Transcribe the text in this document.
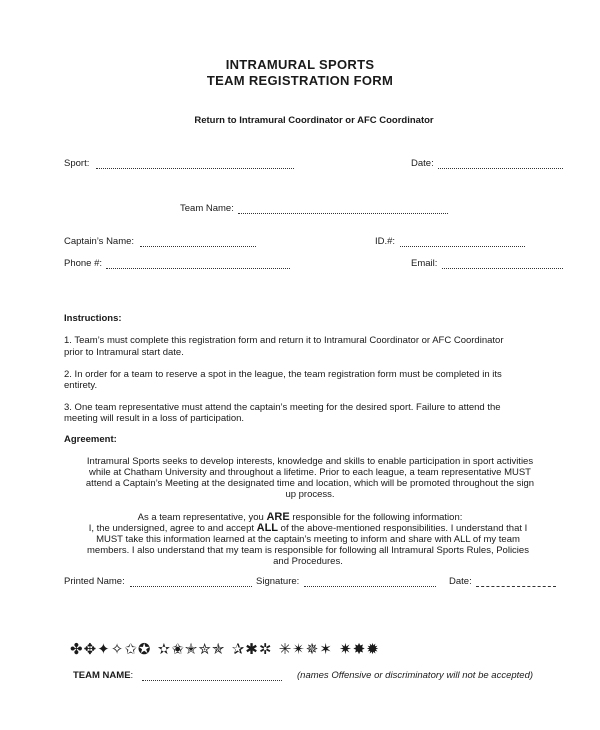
INTRAMURAL SPORTS
TEAM REGISTRATION FORM
Return to Intramural Coordinator or AFC Coordinator
Sport:	Date:
Team Name:
Captain’s Name:	ID.#:
Phone #:	Email:
Instructions:
1. Team’s must complete this registration form and return it to Intramural Coordinator or AFC Coordinator
prior to Intramural start date.
2. In order for a team to reserve a spot in the league, the team registration form must be completed in its
entirety.
3. One team representative must attend the captain’s meeting for the desired sport. Failure to attend the
meeting will result in a loss of participation.
Agreement:
Intramural Sports seeks to develop interests, knowledge and skills to enable participation in sport activities
while at Chatham University and throughout a lifetime. Prior to each league, a team representative MUST
attend a Captain’s Meeting at the designated time and location, which will be promoted throughout the sign
up process.
As a team representative, you ARE responsible for the following information:
I, the undersigned, agree to and accept ALL of the above-mentioned responsibilities. I understand that I
MUST take this information learned at the captain’s meeting to inform and share with ALL of my team
members. I also understand that my team is responsible for following all Intramural Sports Rules, Policies
and Procedures.
Printed Name:	Signature:	Date:
✤✥✦✧✩✪ ✫✬✭✮✯ ✰✱✲ ✳✴✵✶ ✷✸✹
TEAM NAME:	(names Offensive or discriminatory will not be accepted)
